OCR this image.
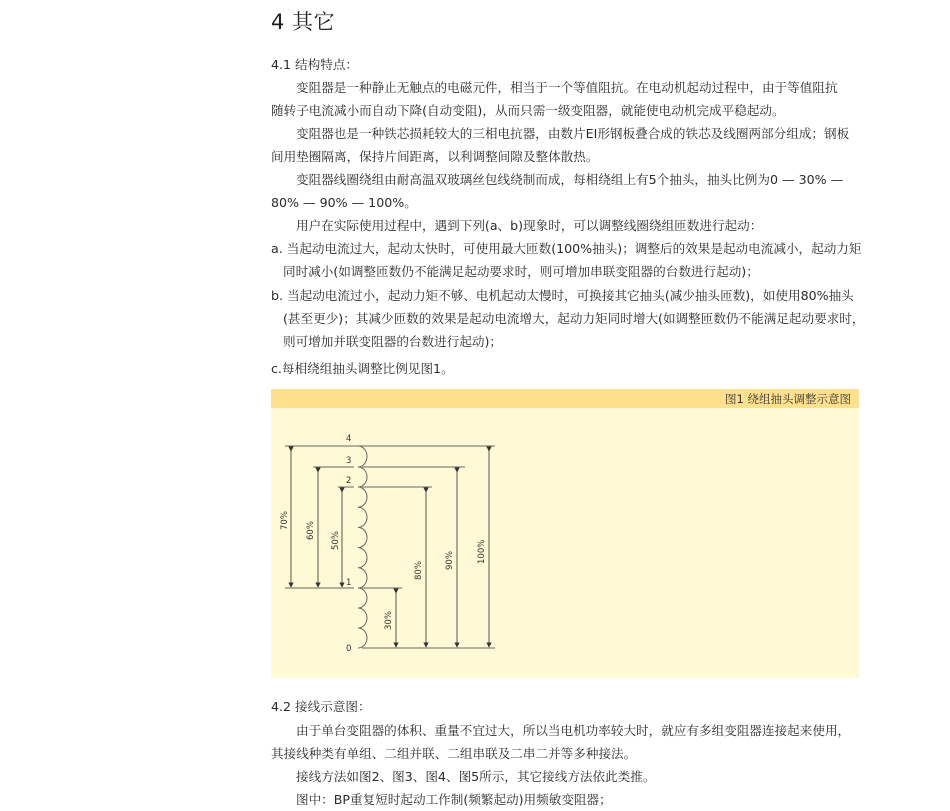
4 其它
4.1 结构特点：
变阻器是一种静止无触点的电磁元件，相当于一个等值阻抗。在电动机起动过程中，由于等值阻抗
随转子电流减小而自动下降(自动变阻)，从而只需一级变阻器，就能使电动机完成平稳起动。
变阻器也是一种铁芯损耗较大的三相电抗器，由数片EI形钢板叠合成的铁芯及线圈两部分组成；钢板
间用垫圈隔离，保持片间距离，以利调整间隙及整体散热。
变阻器线圈绕组由耐高温双玻璃丝包线绕制而成，每相绕组上有5个抽头，抽头比例为0 — 30% —
80% — 90% — 100%。
用户在实际使用过程中，遇到下列(a、b)现象时，可以调整线圈绕组匝数进行起动：
a. 当起动电流过大，起动太快时，可使用最大匝数(100%抽头)；调整后的效果是起动电流减小，起动力矩
同时减小(如调整匝数仍不能满足起动要求时，则可增加串联变阻器的台数进行起动)；
b. 当起动电流过小，起动力矩不够、电机起动太慢时，可换接其它抽头(减少抽头匝数)，如使用80%抽头
(甚至更少)；其减少匝数的效果是起动电流增大，起动力矩同时增大(如调整匝数仍不能满足起动要求时，
则可增加并联变阻器的台数进行起动)；
c.每相绕组抽头调整比例见图1。
图1 绕组抽头调整示意图
4
3
2
1
0
70%
60%
50%
30%
80%
90%	100%
4.2 接线示意图：
由于单台变阻器的体积、重量不宜过大，所以当电机功率较大时，就应有多组变阻器连接起来使用，
其接线种类有单组、二组并联、二组串联及二串二并等多种接法。
接线方法如图2、图3、图4、图5所示，其它接线方法依此类推。
图中：BP重复短时起动工作制(频繁起动)用频敏变阻器；
